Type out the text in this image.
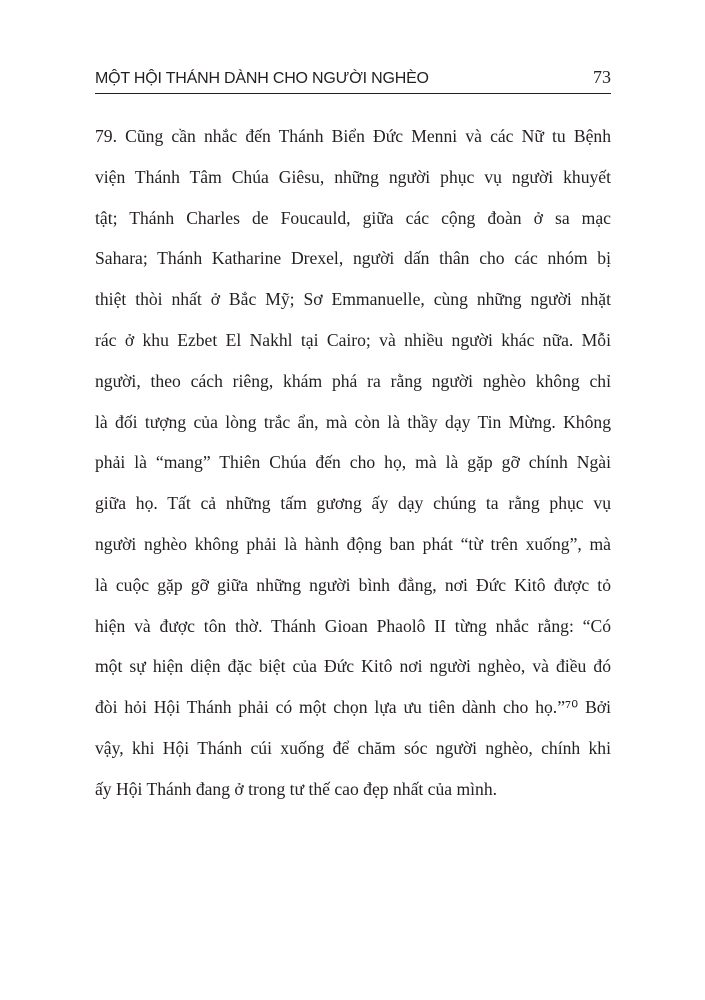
MỘT HỘI THÁNH DÀNH CHO NGƯỜI NGHÈO	73
79. Cũng cần nhắc đến Thánh Biển Đức Menni và các Nữ tu Bệnh
viện Thánh Tâm Chúa Giêsu, những người phục vụ người khuyết
tật; Thánh Charles de Foucauld, giữa các cộng đoàn ở sa mạc
Sahara; Thánh Katharine Drexel, người dấn thân cho các nhóm bị
thiệt thòi nhất ở Bắc Mỹ; Sơ Emmanuelle, cùng những người nhặt
rác ở khu Ezbet El Nakhl tại Cairo; và nhiều người khác nữa. Mỗi
người, theo cách riêng, khám phá ra rằng người nghèo không chỉ
là đối tượng của lòng trắc ẩn, mà còn là thầy dạy Tin Mừng. Không
phải là “mang” Thiên Chúa đến cho họ, mà là gặp gỡ chính Ngài
giữa họ. Tất cả những tấm gương ấy dạy chúng ta rằng phục vụ
người nghèo không phải là hành động ban phát “từ trên xuống”, mà
là cuộc gặp gỡ giữa những người bình đẳng, nơi Đức Kitô được tỏ
hiện và được tôn thờ. Thánh Gioan Phaolô II từng nhắc rằng: “Có
một sự hiện diện đặc biệt của Đức Kitô nơi người nghèo, và điều đó
đòi hỏi Hội Thánh phải có một chọn lựa ưu tiên dành cho họ.”⁷⁰ Bởi
vậy, khi Hội Thánh cúi xuống để chăm sóc người nghèo, chính khi
ấy Hội Thánh đang ở trong tư thế cao đẹp nhất của mình.
